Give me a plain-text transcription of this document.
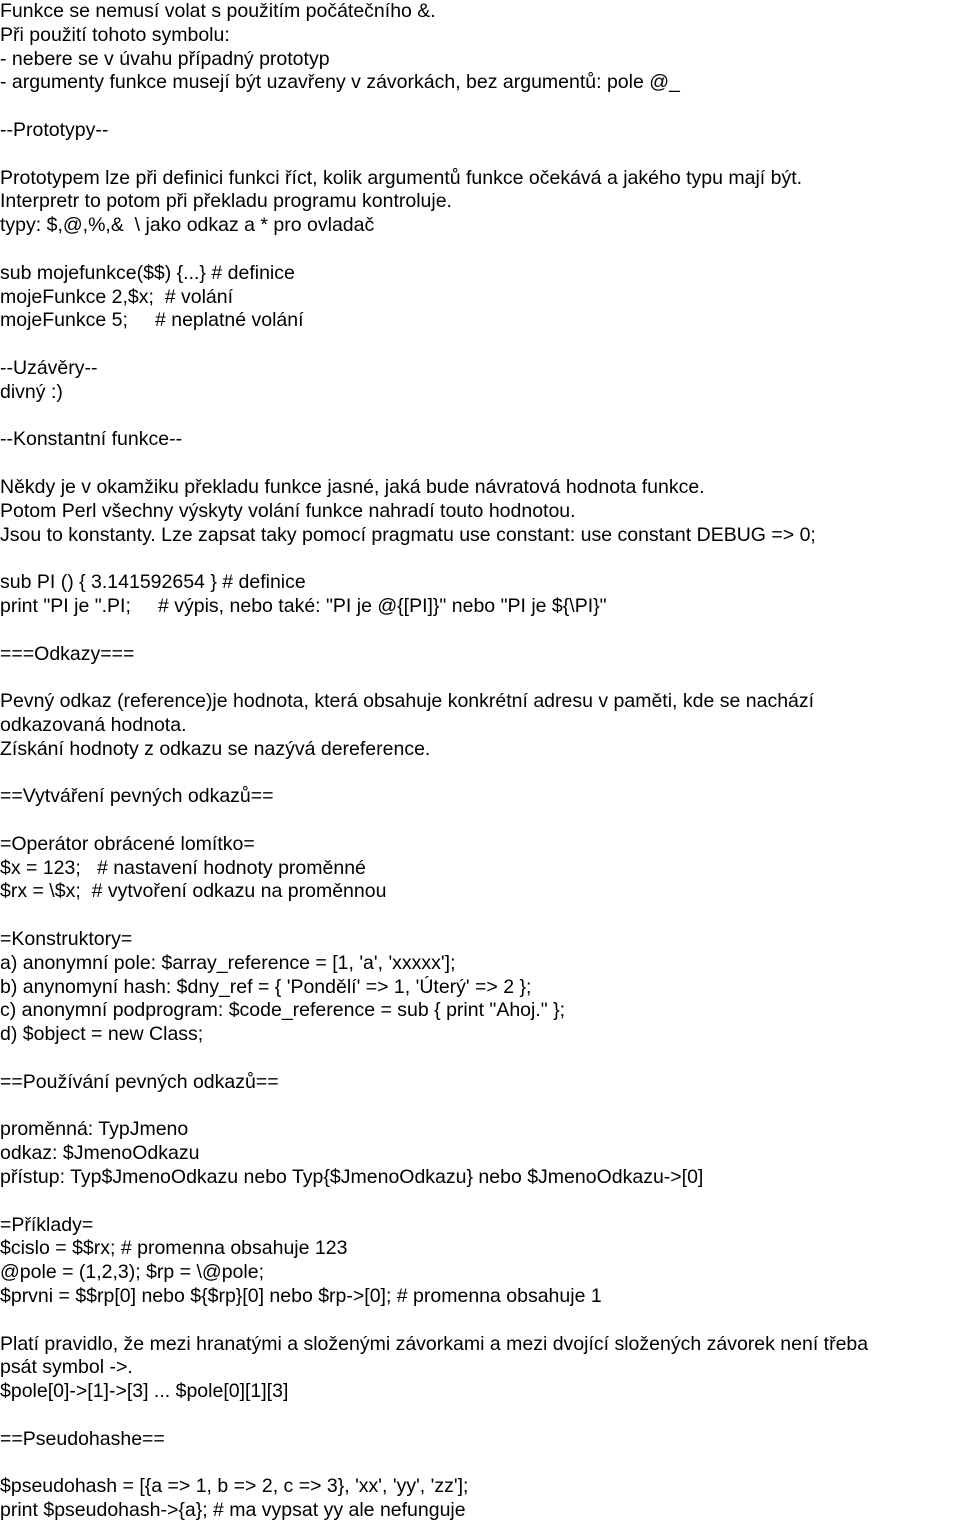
Funkce se nemusí volat s použitím počátečního &.
Při použití tohoto symbolu:
- nebere se v úvahu případný prototyp
- argumenty funkce musejí být uzavřeny v závorkách, bez argumentů: pole @_
--Prototypy--
Prototypem lze při definici funkci říct, kolik argumentů funkce očekává a jakého typu mají být.
Interpretr to potom při překladu programu kontroluje.
typy: $,@,%,&  \ jako odkaz a * pro ovladač
sub mojefunkce($$) {...} # definice
mojeFunkce 2,$x;  # volání
mojeFunkce 5;     # neplatné volání
--Uzávěry--
divný :)
--Konstantní funkce--
Někdy je v okamžiku překladu funkce jasné, jaká bude návratová hodnota funkce.
Potom Perl všechny výskyty volání funkce nahradí touto hodnotou.
Jsou to konstanty. Lze zapsat taky pomocí pragmatu use constant: use constant DEBUG => 0;
sub PI () { 3.141592654 } # definice
print "PI je ".PI;     # výpis, nebo také: "PI je @{[PI]}" nebo "PI je ${\PI}"
===Odkazy===
Pevný odkaz (reference)je hodnota, která obsahuje konkrétní adresu v paměti, kde se nachází
odkazovaná hodnota.
Získání hodnoty z odkazu se nazývá dereference.
==Vytváření pevných odkazů==
=Operátor obrácené lomítko=
$x = 123;   # nastavení hodnoty proměnné
$rx = \$x;  # vytvoření odkazu na proměnnou
=Konstruktory=
a) anonymní pole: $array_reference = [1, 'a', 'xxxxx'];
b) anynomyní hash: $dny_ref = { 'Pondělí' => 1, 'Úterý' => 2 };
c) anonymní podprogram: $code_reference = sub { print "Ahoj." };
d) $object = new Class;
==Používání pevných odkazů==
proměnná: TypJmeno
odkaz: $JmenoOdkazu
přístup: Typ$JmenoOdkazu nebo Typ{$JmenoOdkazu} nebo $JmenoOdkazu->[0]
=Příklady=
$cislo = $$rx; # promenna obsahuje 123
@pole = (1,2,3); $rp = \@pole;
$prvni = $$rp[0] nebo ${$rp}[0] nebo $rp->[0]; # promenna obsahuje 1
Platí pravidlo, že mezi hranatými a složenými závorkami a mezi dvojící složených závorek není třeba
psát symbol ->.
$pole[0]->[1]->[3] ... $pole[0][1][3]
==Pseudohashe==
$pseudohash = [{a => 1, b => 2, c => 3}, 'xx', 'yy', 'zz'];
print $pseudohash->{a}; # ma vypsat yy ale nefunguje
